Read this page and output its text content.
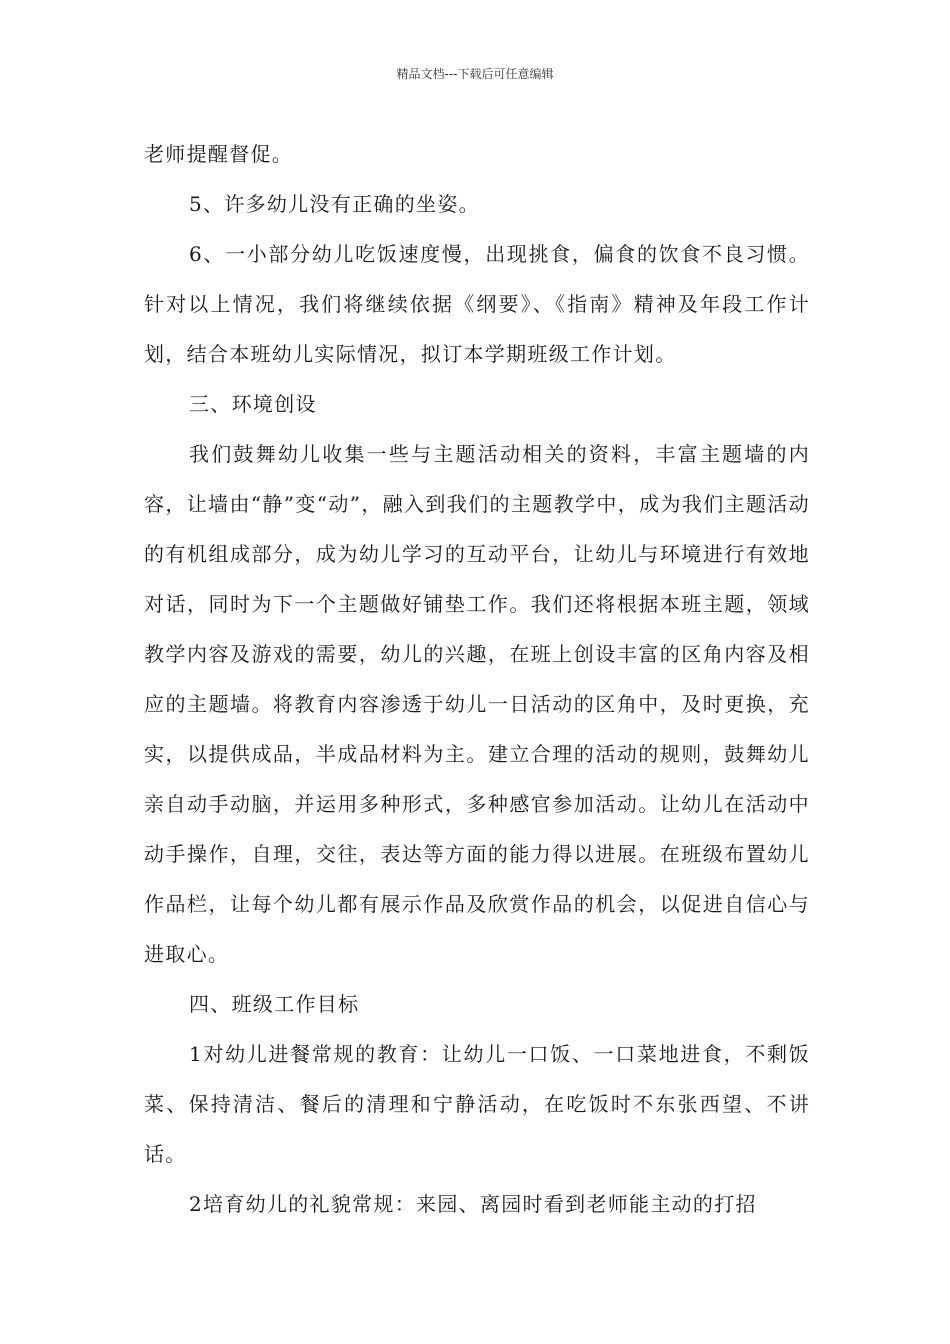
精品文档---下载后可任意编辑

老师提醒督促。

5、许多幼儿没有正确的坐姿。

6、一小部分幼儿吃饭速度慢，出现挑食，偏食的饮食不良习惯。针对以上情况，我们将继续依据《纲要》、《指南》精神及年段工作计划，结合本班幼儿实际情况，拟订本学期班级工作计划。

三、环境创设

我们鼓舞幼儿收集一些与主题活动相关的资料，丰富主题墙的内容，让墙由“静”变“动”，融入到我们的主题教学中，成为我们主题活动的有机组成部分，成为幼儿学习的互动平台，让幼儿与环境进行有效地对话，同时为下一个主题做好铺垫工作。我们还将根据本班主题，领域教学内容及游戏的需要，幼儿的兴趣，在班上创设丰富的区角内容及相应的主题墙。将教育内容渗透于幼儿一日活动的区角中，及时更换，充实，以提供成品，半成品材料为主。建立合理的活动的规则，鼓舞幼儿亲自动手动脑，并运用多种形式，多种感官参加活动。让幼儿在活动中动手操作，自理，交往，表达等方面的能力得以进展。在班级布置幼儿作品栏，让每个幼儿都有展示作品及欣赏作品的机会，以促进自信心与进取心。

四、班级工作目标

1对幼儿进餐常规的教育：让幼儿一口饭、一口菜地进食，不剩饭菜、保持清洁、餐后的清理和宁静活动，在吃饭时不东张西望、不讲话。

2培育幼儿的礼貌常规：来园、离园时看到老师能主动的打招
